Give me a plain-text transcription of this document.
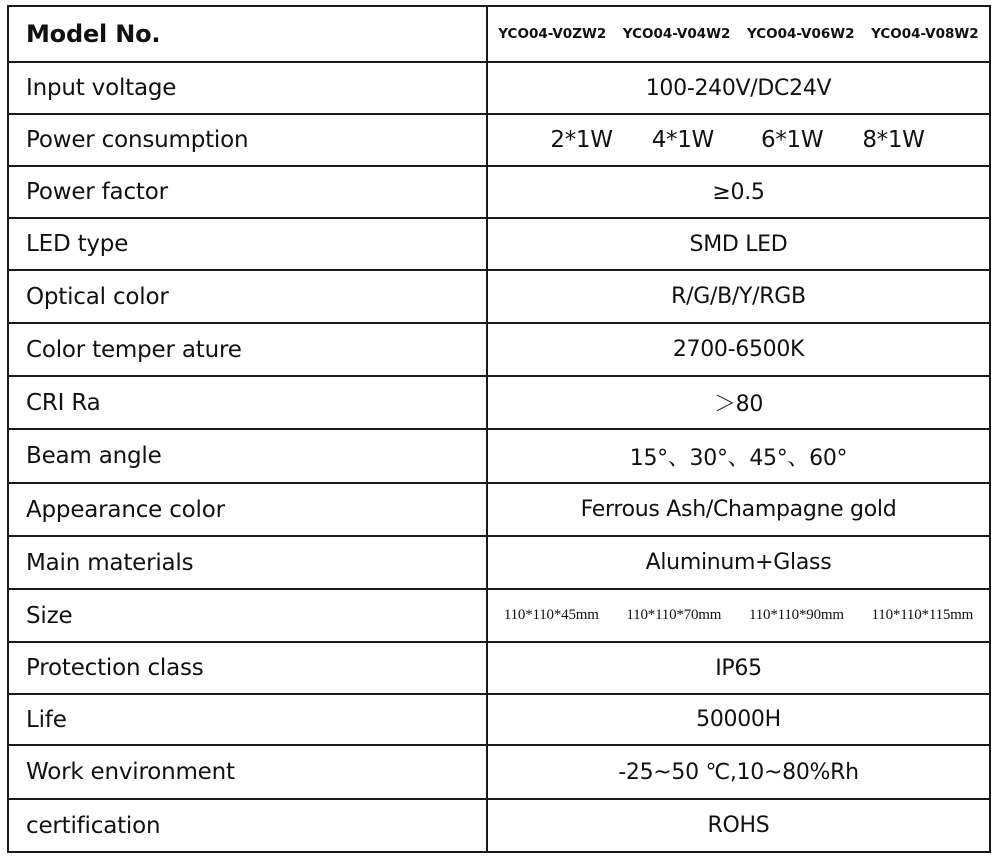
Model No.	YCO04-V0ZW2 YCO04-V04W2 YCO04-V06W2 YCO04-V08W2

Input voltage	100-240V/DC24V
Power consumption	2*1W 4*1W 6*1W 8*1W

Power factor	≥0.5
LED type	SMD LED
Optical color	R/G/B/Y/RGB
Color temper ature	2700-6500K
CRI Ra	＞80
Beam angle	15°、30°、45°、60°
Appearance color	Ferrous Ash/Champagne gold
Main materials	Aluminum+Glass
Size	110*110*45mm 110*110*70mm 110*110*90mm 110*110*115mm

Protection class	IP65
Life	50000H
Work environment	-25~50 ℃,10~80%Rh
certification	ROHS
